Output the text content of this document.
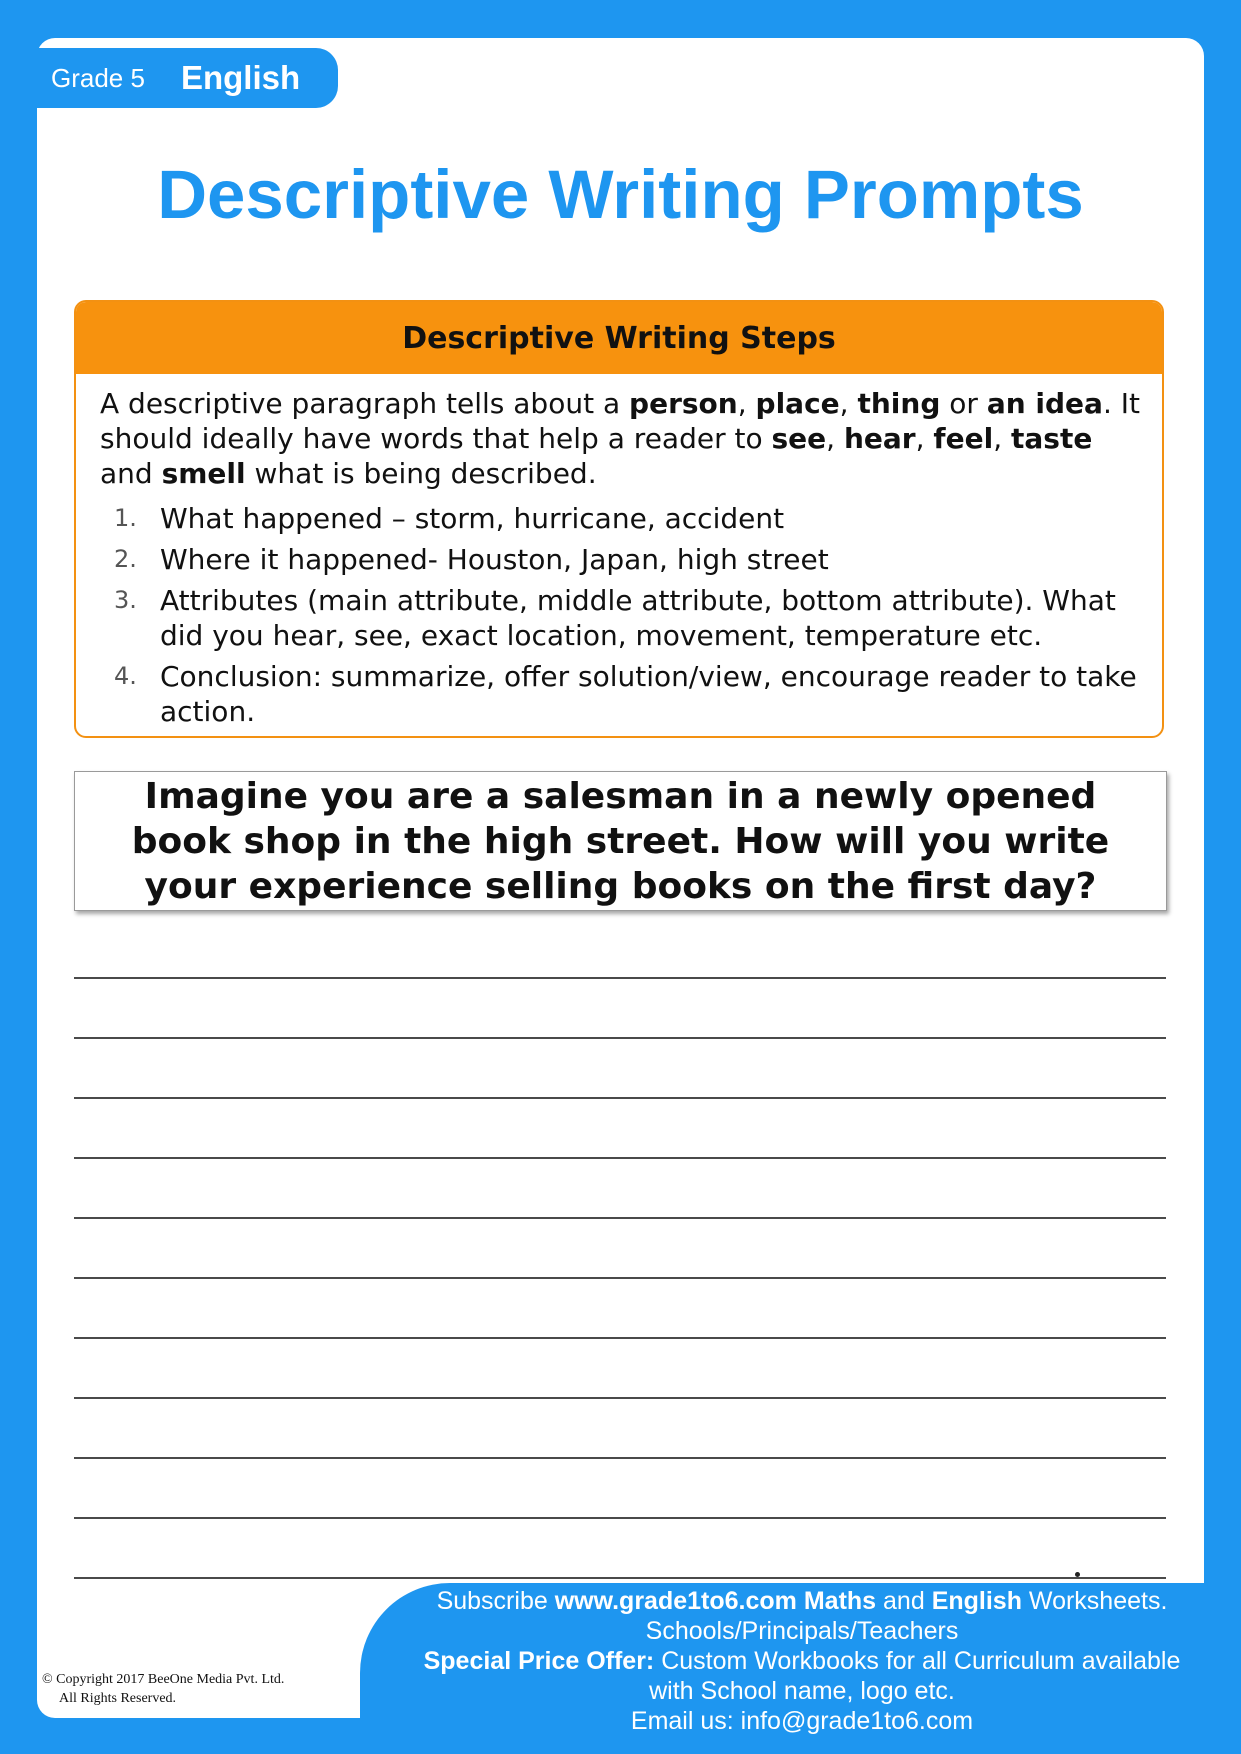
Grade 5 English
Descriptive Writing Prompts
Descriptive Writing Steps

A descriptive paragraph tells about a person, place, thing or an idea. It should ideally have words that help a reader to see, hear, feel, taste and smell what is being described.

1. What happened – storm, hurricane, accident
2. Where it happened- Houston, Japan, high street
3. Attributes (main attribute, middle attribute, bottom attribute). What did you hear, see, exact location, movement, temperature etc.
4. Conclusion: summarize, offer solution/view, encourage reader to take action.
Imagine you are a salesman in a newly opened book shop in the high street. How will you write your experience selling books on the first day?
Subscribe www.grade1to6.com Maths and English Worksheets.
Schools/Principals/Teachers
Special Price Offer: Custom Workbooks for all Curriculum available
with School name, logo etc.
Email us: info@grade1to6.com
© Copyright 2017 BeeOne Media Pvt. Ltd.
All Rights Reserved.
